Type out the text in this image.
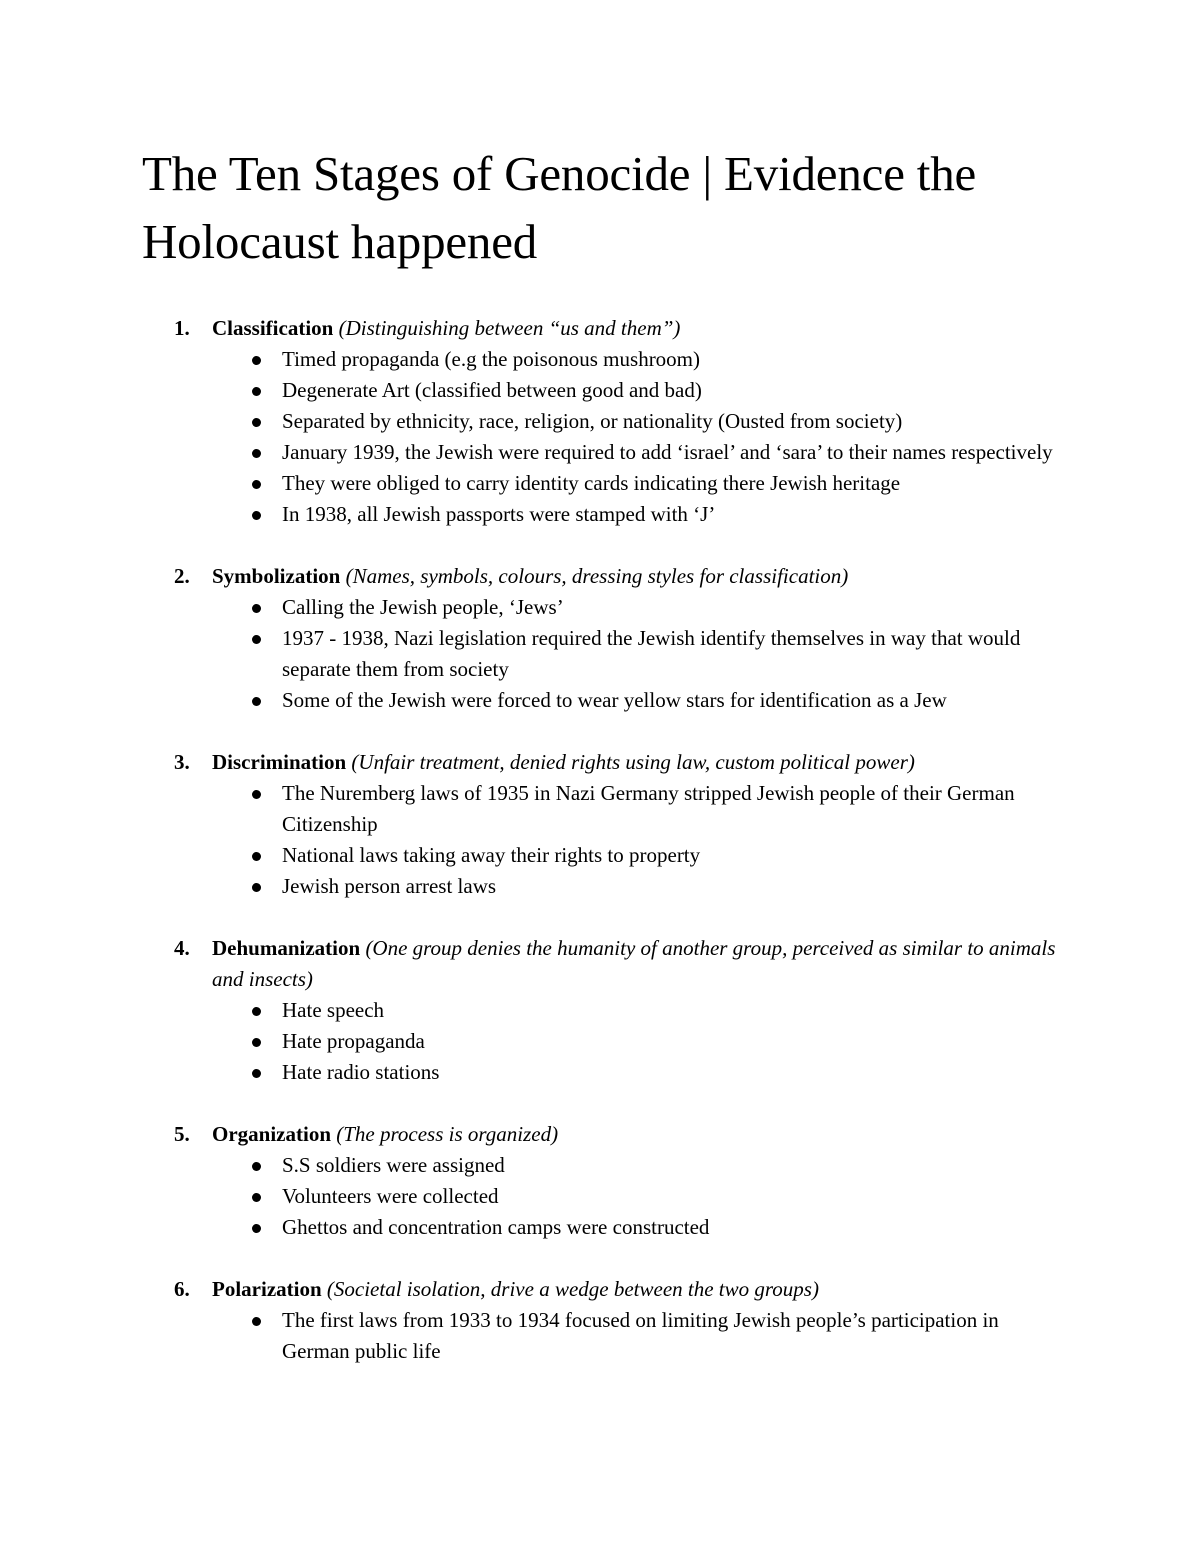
The Ten Stages of Genocide | Evidence the Holocaust happened
1. Classification (Distinguishing between “us and them”)
Timed propaganda (e.g the poisonous mushroom)
Degenerate Art (classified between good and bad)
Separated by ethnicity, race, religion, or nationality (Ousted from society)
January 1939, the Jewish were required to add ‘israel’ and ‘sara’ to their names respectively
They were obliged to carry identity cards indicating there Jewish heritage
In 1938, all Jewish passports were stamped with ‘J’
2. Symbolization (Names, symbols, colours, dressing styles for classification)
Calling the Jewish people, ‘Jews’
1937 - 1938, Nazi legislation required the Jewish identify themselves in way that would separate them from society
Some of the Jewish were forced to wear yellow stars for identification as a Jew
3. Discrimination (Unfair treatment, denied rights using law, custom political power)
The Nuremberg laws of 1935 in Nazi Germany stripped Jewish people of their German Citizenship
National laws taking away their rights to property
Jewish person arrest laws
4. Dehumanization (One group denies the humanity of another group, perceived as similar to animals and insects)
Hate speech
Hate propaganda
Hate radio stations
5. Organization (The process is organized)
S.S soldiers were assigned
Volunteers were collected
Ghettos and concentration camps were constructed
6. Polarization (Societal isolation, drive a wedge between the two groups)
The first laws from 1933 to 1934 focused on limiting Jewish people’s participation in German public life
